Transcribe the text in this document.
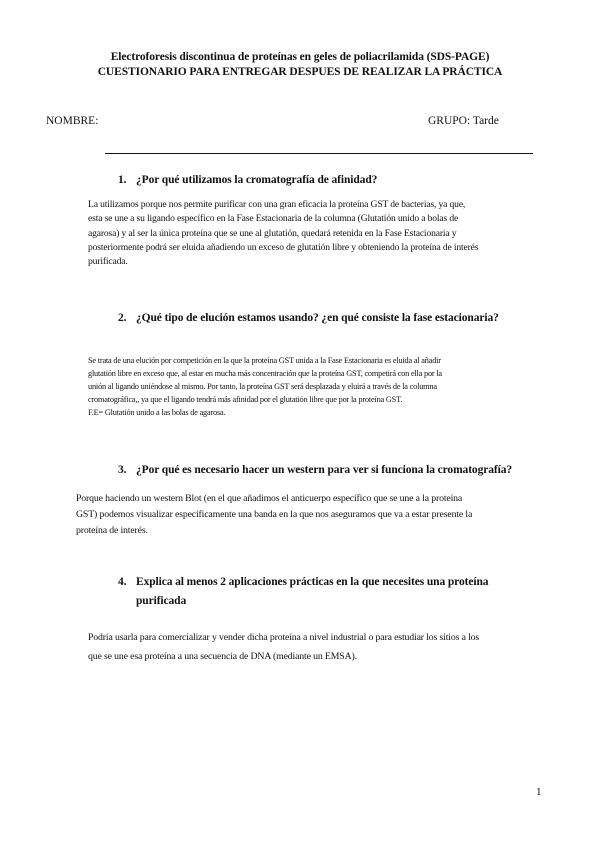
Electroforesis discontinua de proteínas en geles de poliacrilamida (SDS-PAGE)
CUESTIONARIO PARA ENTREGAR DESPUES DE REALIZAR LA PRÁCTICA
NOMBRE:	GRUPO: Tarde
1. ¿Por qué utilizamos la cromatografía de afinidad?

La utilizamos porque nos permite purificar con una gran eficacia la proteína GST de bacterias, ya que,

esta se une a su ligando específico en la Fase Estacionaria de la columna (Glutatión unido a bolas de

agarosa) y al ser la única proteína que se une al glutatión, quedará retenida en la Fase Estacionaria y

posteriormente podrá ser eluida añadiendo un exceso de glutatión libre y obteniendo la proteína de interés

purificada.

2. ¿Qué tipo de elución estamos usando? ¿en qué consiste la fase estacionaria?

Se trata de una elución por competición en la que la proteína GST unida a la Fase Estacionaria es eluida al añadir

glutatión libre en exceso que, al estar en mucha más concentración que la proteína GST, competirá con ella por la

unión al ligando uniéndose al mismo. Por tanto, la proteína GST será desplazada y eluirá a través de la columna

cromatográfica,, ya que el ligando tendrá más afinidad por el glutatión libre que por la proteína GST.

F.E= Glutatión unido a las bolas de agarosa.

3. ¿Por qué es necesario hacer un western para ver si funciona la cromatografía?

Porque haciendo un western Blot (en el que añadimos el anticuerpo específico que se une a la proteína

GST) podemos visualizar específicamente una banda en la que nos aseguramos que va a estar presente la

proteína de interés.

4. Explica al menos 2 aplicaciones prácticas en la que necesites una proteína
purificada

Podría usarla para comercializar y vender dicha proteína a nivel industrial o para estudiar los sitios a los

que se une esa proteína a una secuencia de DNA (mediante un EMSA).

1
